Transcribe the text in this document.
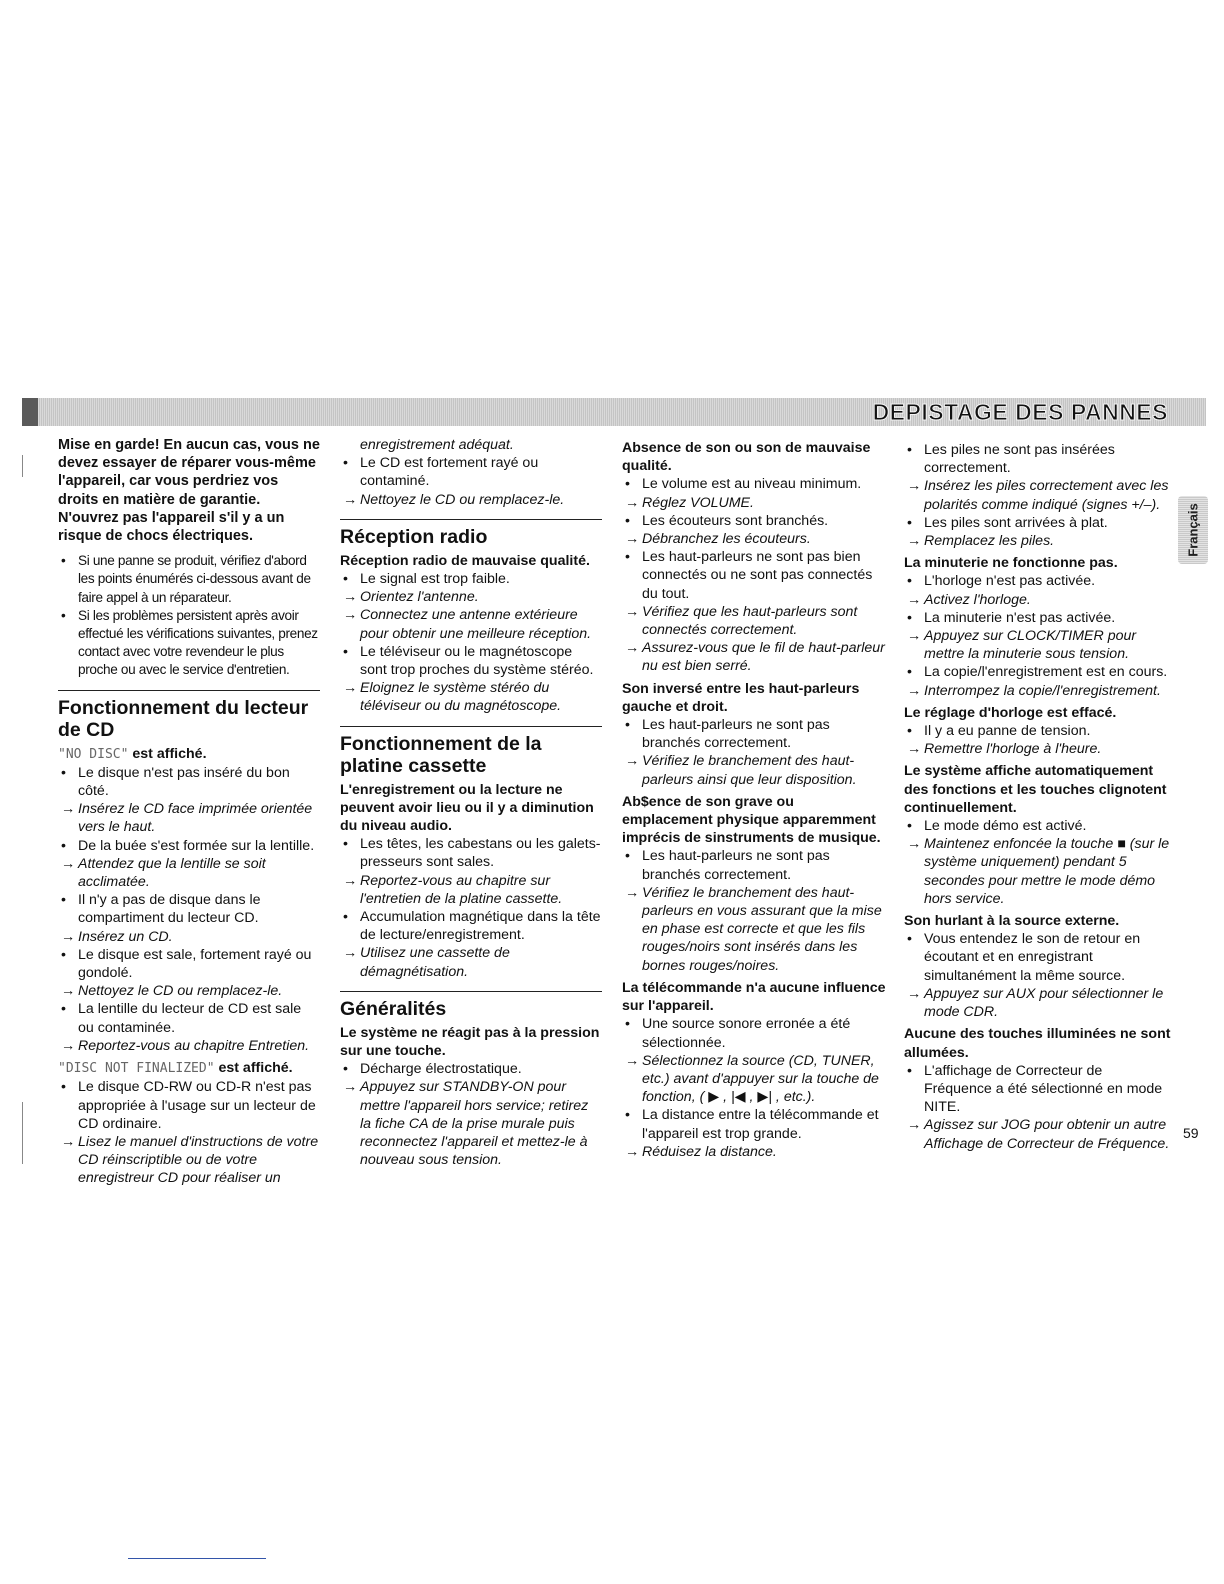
DEPISTAGE DES PANNES
Français

Mise en garde! En aucun cas, vous ne devez essayer de réparer vous-même l'appareil, car vous perdriez vos droits en matière de garantie. N'ouvrez pas l'appareil s'il y a un risque de chocs électriques.

• Si une panne se produit, vérifiez d'abord les points énumérés ci-dessous avant de faire appel à un réparateur.
• Si les problèmes persistent après avoir effectué les vérifications suivantes, prenez contact avec votre revendeur le plus proche ou avec le service d'entretien.
Fonctionnement du lecteur de CD

"NO DISC" est affiché.

• Le disque n'est pas inséré du bon côté.
→ Insérez le CD face imprimée orientée vers le haut.
• De la buée s'est formée sur la lentille.
→ Attendez que la lentille se soit acclimatée.
• Il n'y a pas de disque dans le compartiment du lecteur CD.
→ Insérez un CD.
• Le disque est sale, fortement rayé ou gondolé.
→ Nettoyez le CD ou remplacez-le.
• La lentille du lecteur de CD est sale ou contaminée.
→ Reportez-vous au chapitre Entretien.

"DISC NOT FINALIZED" est affiché.

• Le disque CD-RW ou CD-R n'est pas appropriée à l'usage sur un lecteur de CD ordinaire.
→ Lisez le manuel d'instructions de votre CD réinscriptible ou de votre enregistreur CD pour réaliser un
enregistrement adéquat.
• Le CD est fortement rayé ou contaminé.
→ Nettoyez le CD ou remplacez-le.
Réception radio

Réception radio de mauvaise qualité.

• Le signal est trop faible.
→ Orientez l'antenne.
→ Connectez une antenne extérieure pour obtenir une meilleure réception.
• Le téléviseur ou le magnétoscope sont trop proches du système stéréo.
→ Eloignez le système stéréo du téléviseur ou du magnétoscope.
Fonctionnement de la platine cassette

L'enregistrement ou la lecture ne peuvent avoir lieu ou il y a diminution du niveau audio.

• Les têtes, les cabestans ou les galets-presseurs sont sales.
→ Reportez-vous au chapitre sur l'entretien de la platine cassette.
• Accumulation magnétique dans la tête de lecture/enregistrement.
→ Utilisez une cassette de démagnétisation.
Généralités

Le système ne réagit pas à la pression sur une touche.

• Décharge électrostatique.
→ Appuyez sur STANDBY-ON pour mettre l'appareil hors service; retirez la fiche CA de la prise murale puis reconnectez l'appareil et mettez-le à nouveau sous tension.

Absence de son ou son de mauvaise qualité.

• Le volume est au niveau minimum.
→ Réglez VOLUME.
• Les écouteurs sont branchés.
→ Débranchez les écouteurs.
• Les haut-parleurs ne sont pas bien connectés ou ne sont pas connectés du tout.
→ Vérifiez que les haut-parleurs sont connectés correctement.
→ Assurez-vous que le fil de haut-parleur nu est bien serré.

Son inversé entre les haut-parleurs gauche et droit.

• Les haut-parleurs ne sont pas branchés correctement.
→ Vérifiez le branchement des haut-parleurs ainsi que leur disposition.

Ab$ence de son grave ou emplacement physique apparemment imprécis de sinstruments de musique.

• Les haut-parleurs ne sont pas branchés correctement.
→ Vérifiez le branchement des haut-parleurs en vous assurant que la mise en phase est correcte et que les fils rouges/noirs sont insérés dans les bornes rouges/noires.

La télécommande n'a aucune influence sur l'appareil.

• Une source sonore erronée a été sélectionnée.
→ Sélectionnez la source (CD, TUNER, etc.) avant d'appuyer sur la touche de fonction, ( ▶ , |◀ , ▶| , etc.).
• La distance entre la télécommande et l'appareil est trop grande.
→ Réduisez la distance.
• Les piles ne sont pas insérées correctement.
→ Insérez les piles correctement avec les polarités comme indiqué (signes +/–).
• Les piles sont arrivées à plat.
→ Remplacez les piles.

La minuterie ne fonctionne pas.

• L'horloge n'est pas activée.
→ Activez l'horloge.
• La minuterie n'est pas activée.
→ Appuyez sur CLOCK/TIMER pour mettre la minuterie sous tension.
• La copie/l'enregistrement est en cours.
→ Interrompez la copie/l'enregistrement.

Le réglage d'horloge est effacé.

• Il y a eu panne de tension.
→ Remettre l'horloge à l'heure.

Le système affiche automatiquement des fonctions et les touches clignotent continuellement.

• Le mode démo est activé.
→ Maintenez enfoncée la touche ■ (sur le système uniquement) pendant 5 secondes pour mettre le mode démo hors service.

Son hurlant à la source externe.

• Vous entendez le son de retour en écoutant et en enregistrant simultanément la même source.
→ Appuyez sur AUX pour sélectionner le mode CDR.

Aucune des touches illuminées ne sont allumées.

• L'affichage de Correcteur de Fréquence a été sélectionné en mode NITE.
→ Agissez sur JOG pour obtenir un autre Affichage de Correcteur de Fréquence.
59
